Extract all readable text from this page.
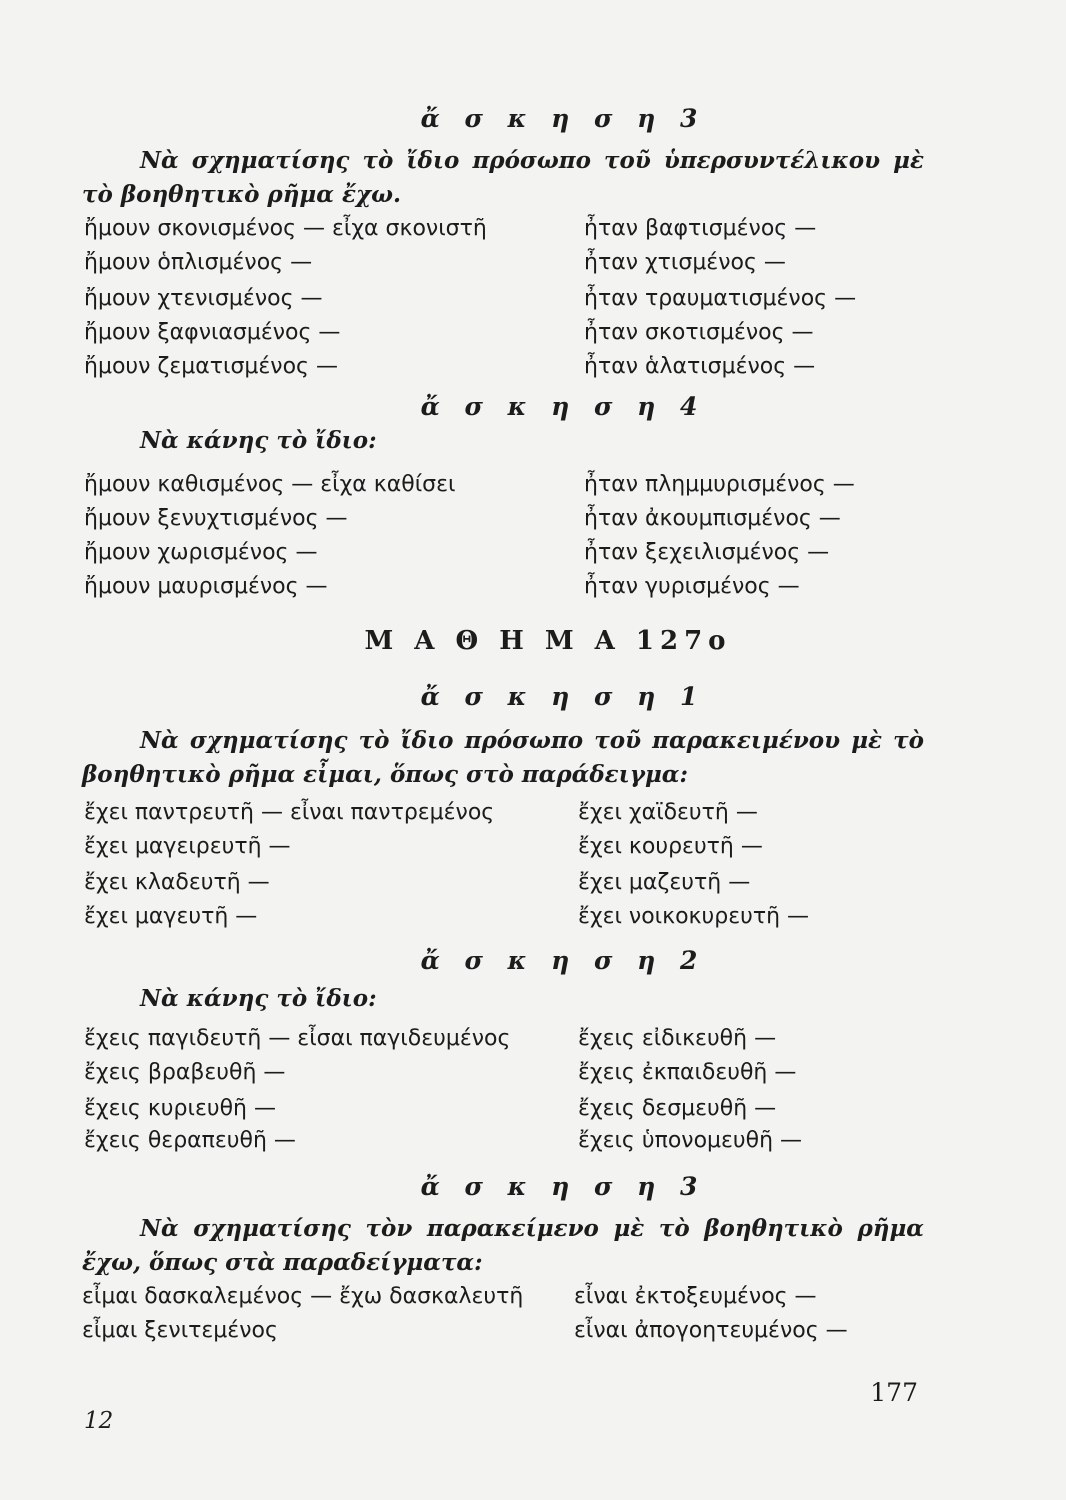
ἄ σ κ η σ η 3

Νὰ σχηματίσης τὸ ἴδιο πρόσωπο τοῦ ὑπερσυντέλικου μὲ τὸ βοηθητικὸ ρῆμα ἔχω.

ἤμουν σκονισμένος — εἶχα σκονιστῆ
ἤμουν ὁπλισμένος —
ἤμουν χτενισμένος —
ἤμουν ξαφνιασμένος —
ἤμουν ζεματισμένος —
ἦταν βαφτισμένος —
ἦταν χτισμένος —
ἦταν τραυματισμένος —
ἦταν σκοτισμένος —
ἦταν ἁλατισμένος —
ἄ σ κ η σ η 4

Νὰ κάνης τὸ ἴδιο:

ἤμουν καθισμένος — εἶχα καθίσει
ἤμουν ξενυχτισμένος —
ἤμουν χωρισμένος —
ἤμουν μαυρισμένος —
ἦταν πλημμυρισμένος —
ἦταν ἀκουμπισμένος —
ἦταν ξεχειλισμένος —
ἦταν γυρισμένος —
Μ Α Θ Η Μ Α 127ο
ἄ σ κ η σ η 1

Νὰ σχηματίσης τὸ ἴδιο πρόσωπο τοῦ παρακειμένου μὲ τὸ βοηθητικὸ ρῆμα εἶμαι, ὅπως στὸ παράδειγμα:

ἔχει παντρευτῆ — εἶναι παντρεμένος
ἔχει μαγειρευτῆ —
ἔχει κλαδευτῆ —
ἔχει μαγευτῆ —
ἔχει χαϊδευτῆ —
ἔχει κουρευτῆ —
ἔχει μαζευτῆ —
ἔχει νοικοκυρευτῆ —
ἄ σ κ η σ η 2

Νὰ κάνης τὸ ἴδιο:

ἔχεις παγιδευτῆ — εἶσαι παγιδευμένος
ἔχεις βραβευθῆ —
ἔχεις κυριευθῆ —
ἔχεις θεραπευθῆ —
ἔχεις εἰδικευθῆ —
ἔχεις ἐκπαιδευθῆ —
ἔχεις δεσμευθῆ —
ἔχεις ὑπονομευθῆ —
ἄ σ κ η σ η 3

Νὰ σχηματίσης τὸν παρακείμενο μὲ τὸ βοηθητικὸ ρῆμα ἔχω, ὅπως στὰ παραδείγματα:

εἶμαι δασκαλεμένος — ἔχω δασκαλευτῆ
εἶμαι ξενιτεμένος
εἶναι ἐκτοξευμένος —
εἶναι ἀπογοητευμένος —
177
12
